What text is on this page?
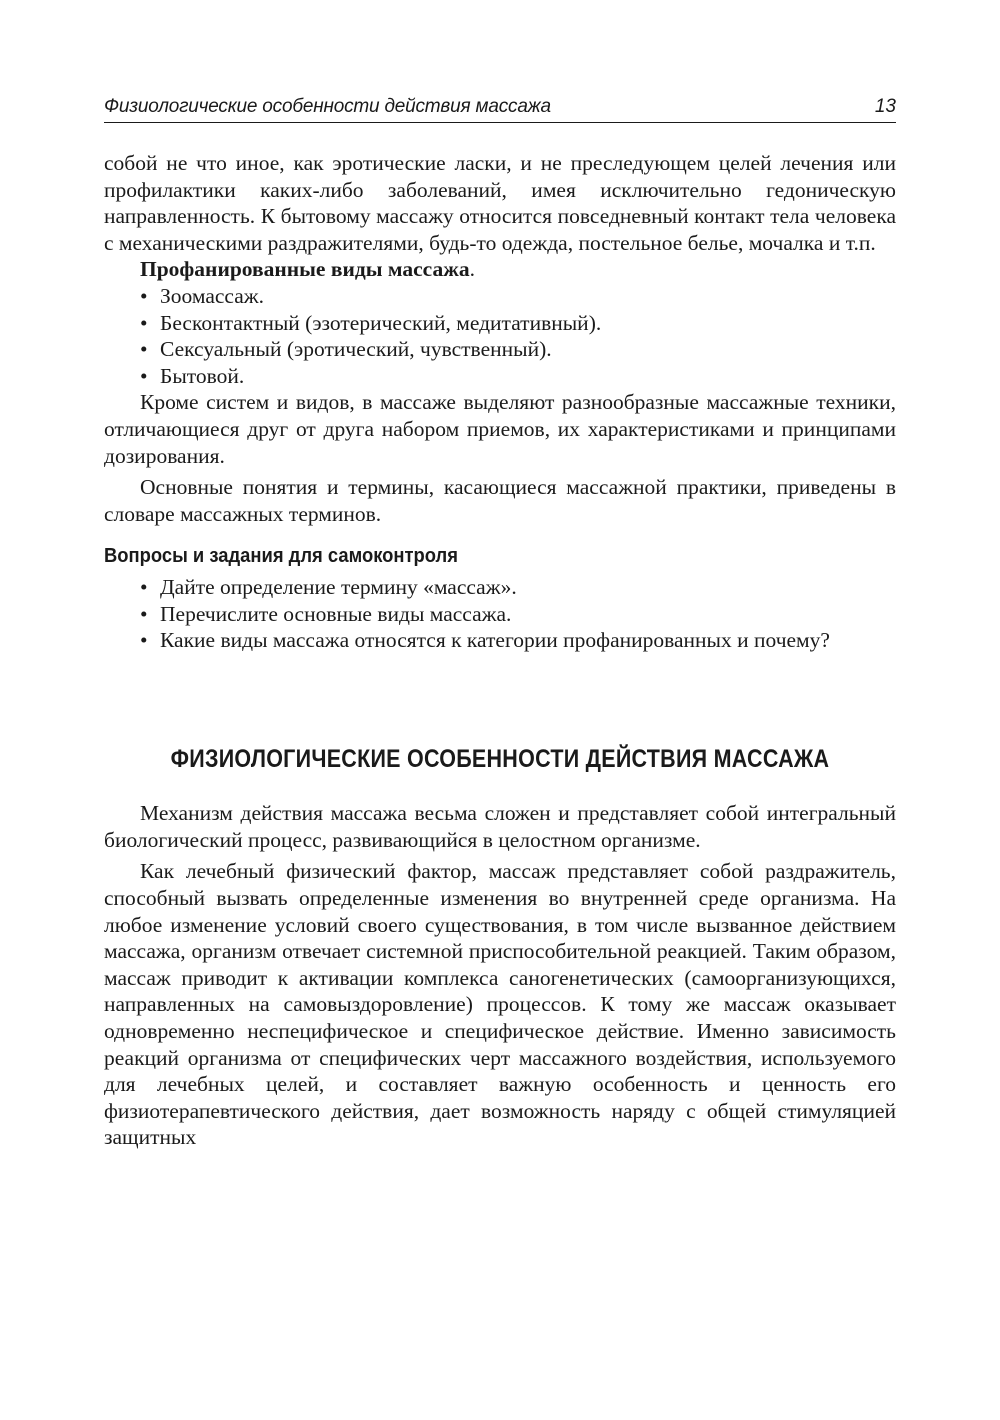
Физиологические особенности действия массажа	13

собой не что иное, как эротические ласки, и не преследующем целей лечения или профилактики каких-либо заболеваний, имея исключительно гедоническую направленность. К бытовому массажу относится повседневный контакт тела человека с механическими раздражителями, будь-то одежда, постельное белье, мочалка и т.п.

Профанированные виды массажа.

• Зоомассаж.
• Бесконтактный (эзотерический, медитативный).
• Сексуальный (эротический, чувственный).
• Бытовой.

Кроме систем и видов, в массаже выделяют разнообразные массажные техники, отличающиеся друг от друга набором приемов, их характеристиками и принципами дозирования.

Основные понятия и термины, касающиеся массажной практики, приведены в словаре массажных терминов.

Вопросы и задания для самоконтроля
• Дайте определение термину «массаж».
• Перечислите основные виды массажа.
• Какие виды массажа относятся к категории профанированных и почему?
ФИЗИОЛОГИЧЕСКИЕ ОСОБЕННОСТИ ДЕЙСТВИЯ МАССАЖА

Механизм действия массажа весьма сложен и представляет собой интегральный биологический процесс, развивающийся в целостном организме.

Как лечебный физический фактор, массаж представляет собой раздражитель, способный вызвать определенные изменения во внутренней среде организма. На любое изменение условий своего существования, в том числе вызванное действием массажа, организм отвечает системной приспособительной реакцией. Таким образом, массаж приводит к активации комплекса саногенетических (самоорганизующихся, направленных на самовыздоровление) процессов. К тому же массаж оказывает одновременно неспецифическое и специфическое действие. Именно зависимость реакций организма от специфических черт массажного воздействия, используемого для лечебных целей, и составляет важную особенность и ценность его физиотерапевтического действия, дает возможность наряду с общей стимуляцией защитных
